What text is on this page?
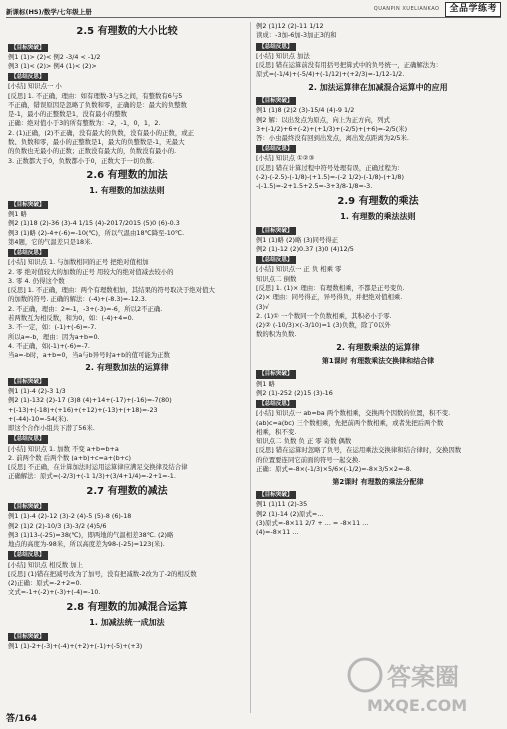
新课标(HS)/数学/七年级上册	QUANPIN XUELIANKAO	全品学练考
2.5 有理数的大小比较
【目标突破】
例1 (1)> (2)< 例2 -3/4 < -1/2
例3 (1)< (2)> 例4 (1)< (2)>
【总结反思】
[小结] 知识点一 小
[反思] 1. 不正确，理由：如有理数-3与5之间，有整数有6与5
不正确，错误原因是忽略了负数和零，正确的是：最大的负整数
是-1，最小的正整数是1，没有最小的整数
正确：绝对值小于3的所有整数为：-2，-1，0，1，2.
2. (1)正确，(2)不正确，没有最大的负数，没有最小的正数，或正
数、负数和零，最小的正整数是1，最大的负整数是-1，无最大
的负数也无最小的正数；正数没有最大的，负数没有最小的.
3. 正数都大于0，负数都小于0，正数大于一切负数.
2.6 有理数的加法
1. 有理数的加法法则
【目标突破】
例1 略
例2 (1)18 (2)-36 (3)-4 1/15 (4)-2017/2015 (5)0 (6)-0.3
例3 (1)略 (2)-4+(-6)=-10(℃)，所以气温由18℃降至-10℃.
第4题，它的气温差只是18米.
【总结反思】
[小结] 知识点 1. 与加数相同的正号 把绝对值相加
2. 零 绝对值较大的加数的正号 用较大的绝对值减去较小的
3. 零 4. 仍得这个数
[反思] 1. 不正确，理由：两个有理数相加，其结果的符号取决于绝对值大
的加数的符号. 正确的解法：(-4)+(-8.3)=-12.3.
2. 不正确，理由：2=-1，-3+(-3)=-6，所以2不正确.
若两数互为相反数，和为0，如：(-4)+4=0.
3. 不一定，如：(-1)+(-6)=-7.
所以a=-b，理由：因为a+b=0.
4. 不正确，如(-1)+(-6)=-7.
当a=-b时，a+b=0，当a与b异号时a+b的值可能为正数
2. 有理数加法的运算律
【目标突破】
例1 (1)-4 (2)-3 1/3
例2 (1)-132 (2)-17 (3)8 (4)+14+(-17)+(-16)=-7(80)
+(-13)+(-18)+(+16)+(+12)+(-13)+(+18)=-23
+(-44)-10=-54(米).
即这个合作小组共下潜了56米.
【总结反思】
[小结] 知识点 1. 加数 不变 a+b=b+a
2. 前两个数 后两个数 (a+b)+c=a+(b+c)
[反思] 不正确，在计算加法时运用运算律应满足交换律及结合律
正确解法：原式=(-2/3)+(-1 1/3)+(3/4+1/4)=-2+1=-1.
2.7 有理数的减法
【目标突破】
例1 (1)-4 (2)-12 (3)-2 (4)-5 (5)-8 (6)-18
例2 (1)2 (2)-10/3 (3)-3/2 (4)5/6
例3 (1)13-(-25)=38(℃)，即两地的气温相差38℃. (2)略
地点的高度为-98米，所以高度差为98-(-25)=123(米).
【总结反思】
[小结] 知识点 相反数 加上
[反思] (1)错在把减号改为了加号，没有把减数-2改为了-2的相反数
(2)正确：原式=-2+2=0.
文式=-1+(-2)+(-3)+(-4)=-10.
2.8 有理数的加减混合运算
1. 加减法统一成加法
【目标突破】
例1 (1)-2+(-3)+(-4)+(+2)+(-1)+(-5)+(+3)
例2 (1)12 (2)-11 1/12
读成：-3加-6加-3加正3的和
【总结反思】
[小结] 知识点 加法
[反思] 错在运算前没有用括号把算式中的负号统一，正确解法为：
原式=(-1/4)+(-5/4)+(-1/12)+(+2/3)=-1/12-1/2.
2. 加法运算律在加减混合运算中的应用
【目标突破】
例1 (1)8 (2)2 (3)-15/4 (4)-9 1/2
例2 解：以出发点为原点，向上为正方向，列式
3+(-1/2)+6+(-2)+(+1/3)+(-2/5)+(+6)=-2/5(米)
答：小虫最终没有回到出发点，离出发点距离为2/5米.
【总结反思】
[小结] 知识点 ①②③
[反思] 错在计算过程中符号处理有误，正确过程为：
(-2)-(-2.5)-(-1/8)-(+1.5)=-(-2 1/2)-(-1/8)-(+1/8)
-(-1.5)=-2+1.5+2.5=-3+3/8-1/8=-3.
2.9 有理数的乘法
1. 有理数的乘法法则
【目标突破】
例1 (1)略 (2)略 (3)同号得正
例2 (1)-12 (2)0.37 (3)0 (4)12/5
【总结反思】
[小结] 知识点一 正 负 相乘 零
知识点二 倒数
[反思] 1. (1)× 理由：有理数相乘，不都是正号变负.
(2)× 理由：同号得正，异号得负，并把绝对值相乘.
(3)√
2. (1)① 一个数同一个负数相乘，其积必小于零.
(2)② (-10/3)×(-3/10)=1 (3)负数，除了0以外
数的积为负数.
2. 有理数乘法的运算律
第1课时 有理数乘法交换律和结合律
【目标突破】
例1 略
例2 (1)-252 (2)15 (3)-16
【总结反思】
[小结] 知识点一 ab=ba 两个数相乘，交换两个因数的位置，积不变.
(ab)c=a(bc) 三个数相乘，先把前两个数相乘，或者先把后两个数
相乘，积不变.
知识点二 负数 负 正 零 奇数 偶数
[反思] 错在运算时忽略了负号，在运用乘法交换律和结合律时，交换因数
的位置要连同它前面的符号一起交换.
正确：原式=-8×(-1/3)×5/6×(-1/2)=-8×3/5×2=-8.
第2课时 有理数的乘法分配律
【目标突破】
例1 (1)11 (2)-35
例2 (1)-14 (2)原式=...
(3)原式=-8×11 2/7 + ... = -8×11 ...
(4)=-8×11 ...
答案圈
MXQE.COM
答/164
